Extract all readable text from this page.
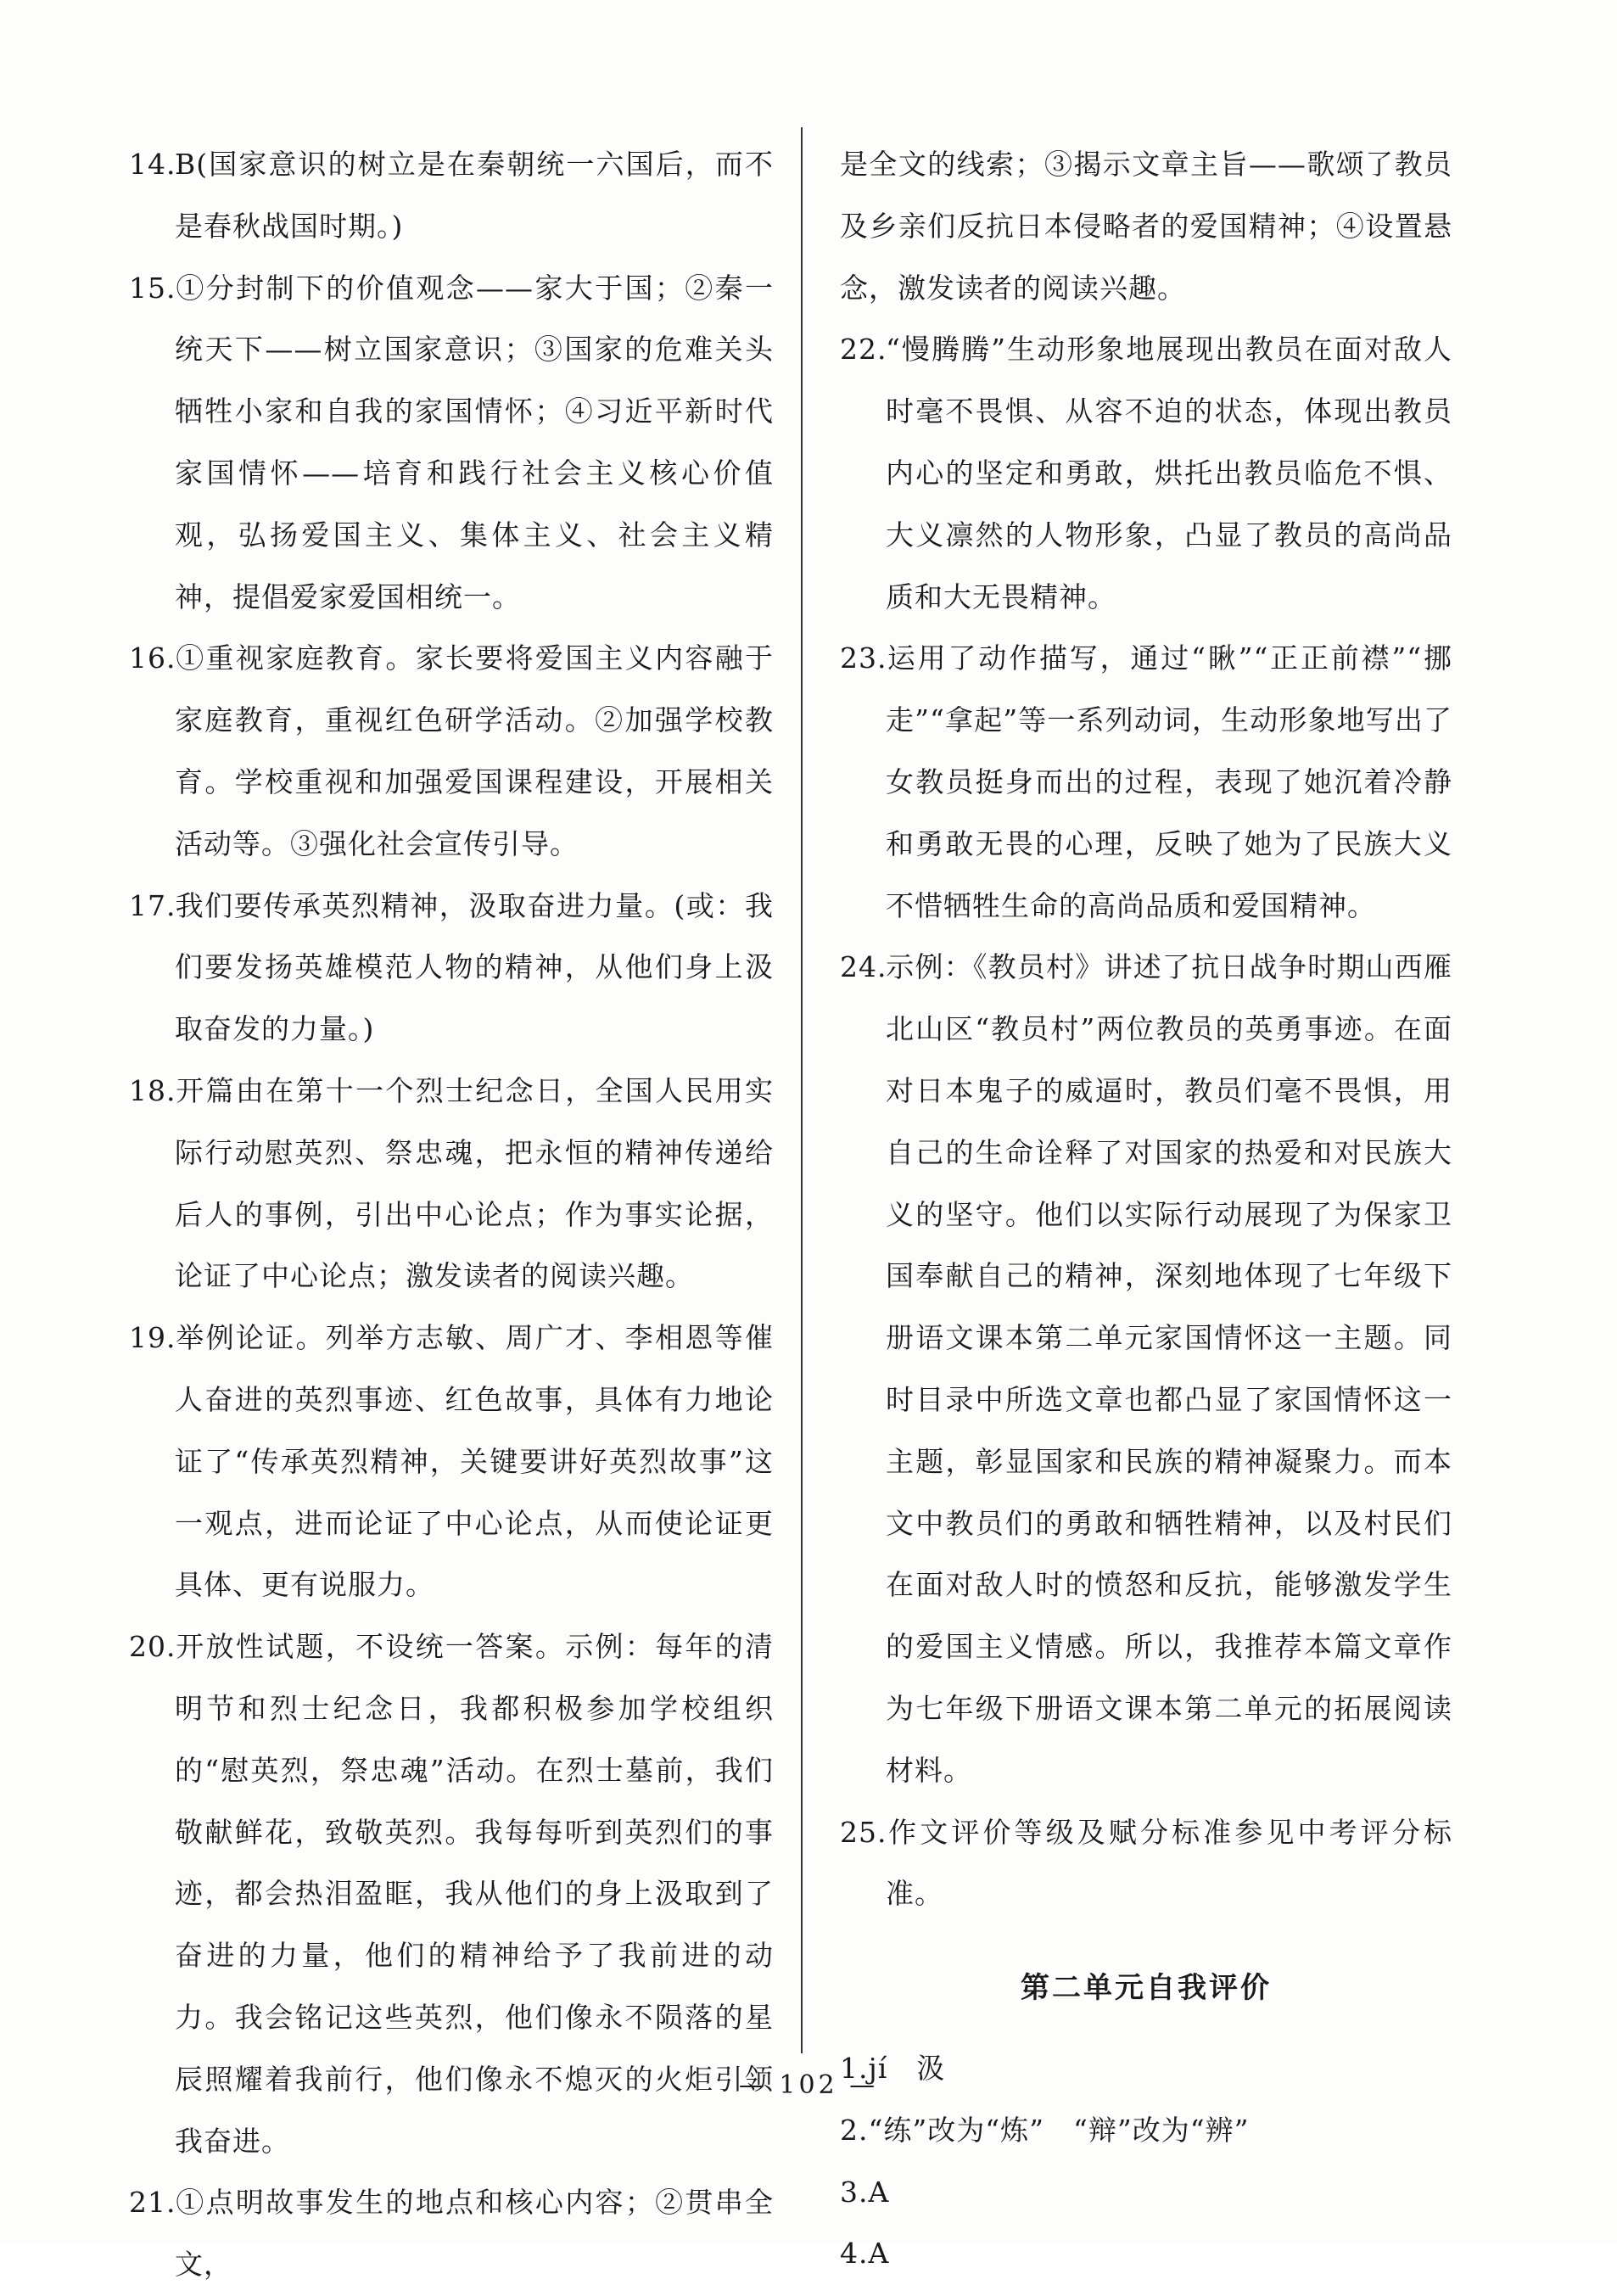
14.B(国家意识的树立是在秦朝统一六国后，而不是春秋战国时期。)

15.①分封制下的价值观念——家大于国；②秦一统天下——树立国家意识；③国家的危难关头牺牲小家和自我的家国情怀；④习近平新时代家国情怀——培育和践行社会主义核心价值观，弘扬爱国主义、集体主义、社会主义精神，提倡爱家爱国相统一。

16.①重视家庭教育。家长要将爱国主义内容融于家庭教育，重视红色研学活动。②加强学校教育。学校重视和加强爱国课程建设，开展相关活动等。③强化社会宣传引导。

17.我们要传承英烈精神，汲取奋进力量。(或：我们要发扬英雄模范人物的精神，从他们身上汲取奋发的力量。)

18.开篇由在第十一个烈士纪念日，全国人民用实际行动慰英烈、祭忠魂，把永恒的精神传递给后人的事例，引出中心论点；作为事实论据，论证了中心论点；激发读者的阅读兴趣。

19.举例论证。列举方志敏、周广才、李相恩等催人奋进的英烈事迹、红色故事，具体有力地论证了“传承英烈精神，关键要讲好英烈故事”这一观点，进而论证了中心论点，从而使论证更具体、更有说服力。

20.开放性试题，不设统一答案。示例：每年的清明节和烈士纪念日，我都积极参加学校组织的“慰英烈，祭忠魂”活动。在烈士墓前，我们敬献鲜花，致敬英烈。我每每听到英烈们的事迹，都会热泪盈眶，我从他们的身上汲取到了奋进的力量，他们的精神给予了我前进的动力。我会铭记这些英烈，他们像永不陨落的星辰照耀着我前行，他们像永不熄灭的火炬引领我奋进。

21.①点明故事发生的地点和核心内容；②贯串全文，

是全文的线索；③揭示文章主旨——歌颂了教员及乡亲们反抗日本侵略者的爱国精神；④设置悬念，激发读者的阅读兴趣。

22.“慢腾腾”生动形象地展现出教员在面对敌人时毫不畏惧、从容不迫的状态，体现出教员内心的坚定和勇敢，烘托出教员临危不惧、大义凛然的人物形象，凸显了教员的高尚品质和大无畏精神。

23.运用了动作描写，通过“瞅”“正正前襟”“挪走”“拿起”等一系列动词，生动形象地写出了女教员挺身而出的过程，表现了她沉着冷静和勇敢无畏的心理，反映了她为了民族大义不惜牺牲生命的高尚品质和爱国精神。

24.示例：《教员村》讲述了抗日战争时期山西雁北山区“教员村”两位教员的英勇事迹。在面对日本鬼子的威逼时，教员们毫不畏惧，用自己的生命诠释了对国家的热爱和对民族大义的坚守。他们以实际行动展现了为保家卫国奉献自己的精神，深刻地体现了七年级下册语文课本第二单元家国情怀这一主题。同时目录中所选文章也都凸显了家国情怀这一主题，彰显国家和民族的精神凝聚力。而本文中教员们的勇敢和牺牲精神，以及村民们在面对敌人时的愤怒和反抗，能够激发学生的爱国主义情感。所以，我推荐本篇文章作为七年级下册语文课本第二单元的拓展阅读材料。

25.作文评价等级及赋分标准参见中考评分标准。

第二单元自我评价

1.jí　汲

2.“练”改为“炼”　“辩”改为“辨”

3.A

4.A

— 102 —
